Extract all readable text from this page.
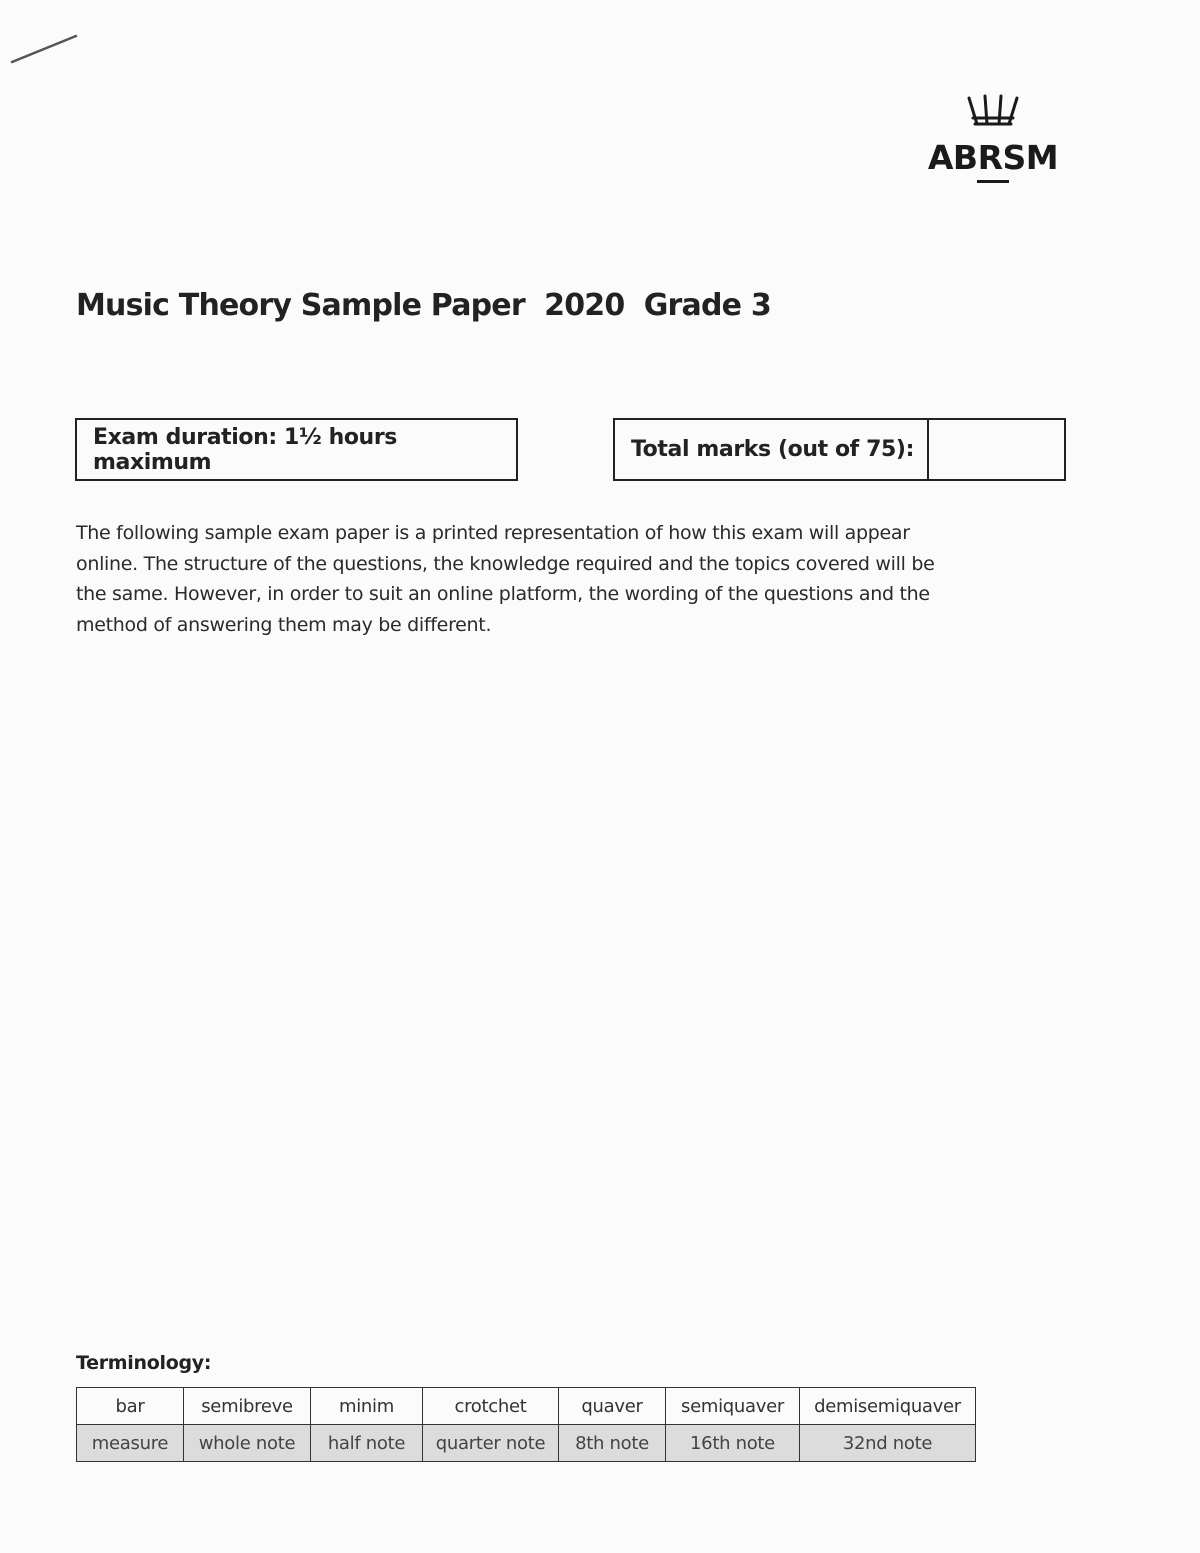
ABRSM
Music Theory Sample Paper  2020  Grade 3
Exam duration: 1½ hours maximum	Total marks (out of 75):

The following sample exam paper is a printed representation of how this exam will appear online. The structure of the questions, the knowledge required and the topics covered will be the same. However, in order to suit an online platform, the wording of the questions and the method of answering them may be different.

Terminology:
bar	semibreve	minim	crotchet	quaver	semiquaver	demisemiquaver
measure	whole note	half note	quarter note	8th note	16th note	32nd note
